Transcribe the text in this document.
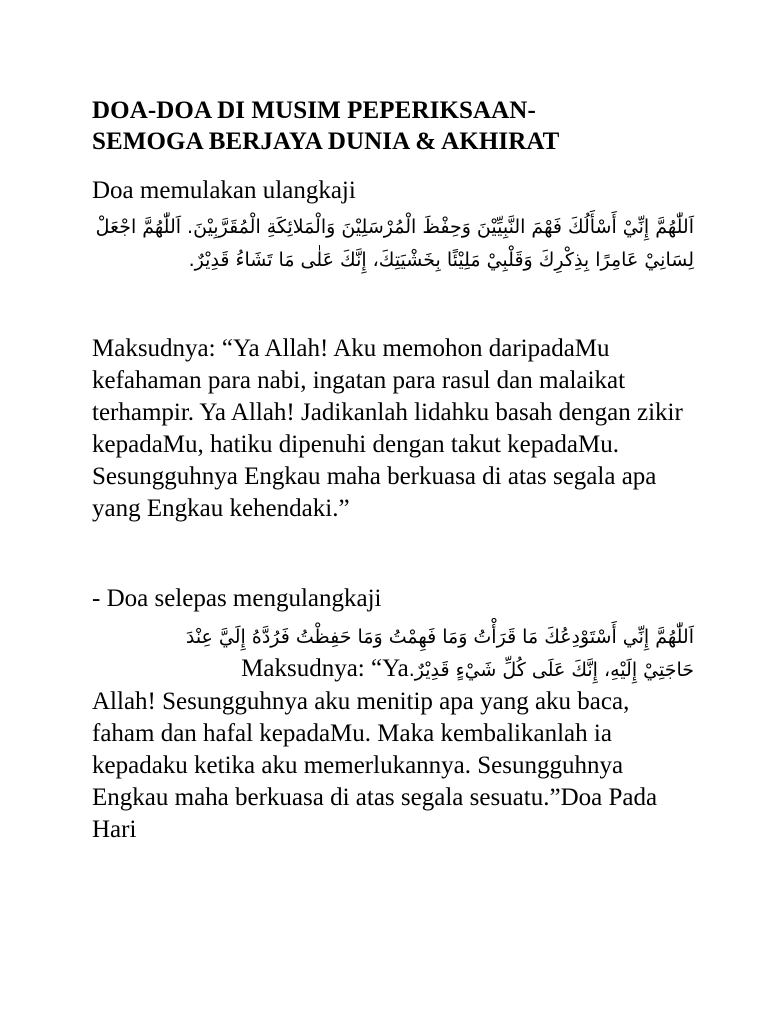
DOA-DOA DI MUSIM PEPERIKSAAN-
SEMOGA BERJAYA DUNIA & AKHIRAT

Doa memulakan ulangkaji

اَللّٰهُمَّ إِنِّيْ أَسْأَلُكَ فَهْمَ النَّبِيِّيْنَ وَحِفْظَ الْمُرْسَلِيْنَ وَالْمَلائِكَةِ الْمُقَرَّبِيْنَ. اَللّٰهُمَّ اجْعَلْ لِسَانِيْ عَامِرًا بِذِكْرِكَ وَقَلْبِيْ مَلِيْئًا بِخَشْيَتِكَ، إِنَّكَ عَلٰى مَا تَشَاءُ قَدِيْرٌ.

Maksudnya: “Ya Allah! Aku memohon daripadaMu kefahaman para nabi, ingatan para rasul dan malaikat terhampir. Ya Allah! Jadikanlah lidahku basah dengan zikir kepadaMu, hatiku dipenuhi dengan takut kepadaMu. Sesungguhnya Engkau maha berkuasa di atas segala apa yang Engkau kehendaki.”

- Doa selepas mengulangkaji

اَللّٰهُمَّ إِنِّي أَسْتَوْدِعُكَ مَا قَرَأْتُ وَمَا فَهِمْتُ وَمَا حَفِظْتُ فَرُدَّهُ إِلَيَّ عِنْدَ
حَاجَتِيْ إِلَيْهِ، إِنَّكَ عَلَى كُلِّ شَيْءٍ قَدِيْرٌ.Maksudnya: “Ya

Allah! Sesungguhnya aku menitip apa yang aku baca, faham dan hafal kepadaMu. Maka kembalikanlah ia kepadaku ketika aku memerlukannya. Sesungguhnya Engkau maha berkuasa di atas segala sesuatu.”Doa Pada Hari
